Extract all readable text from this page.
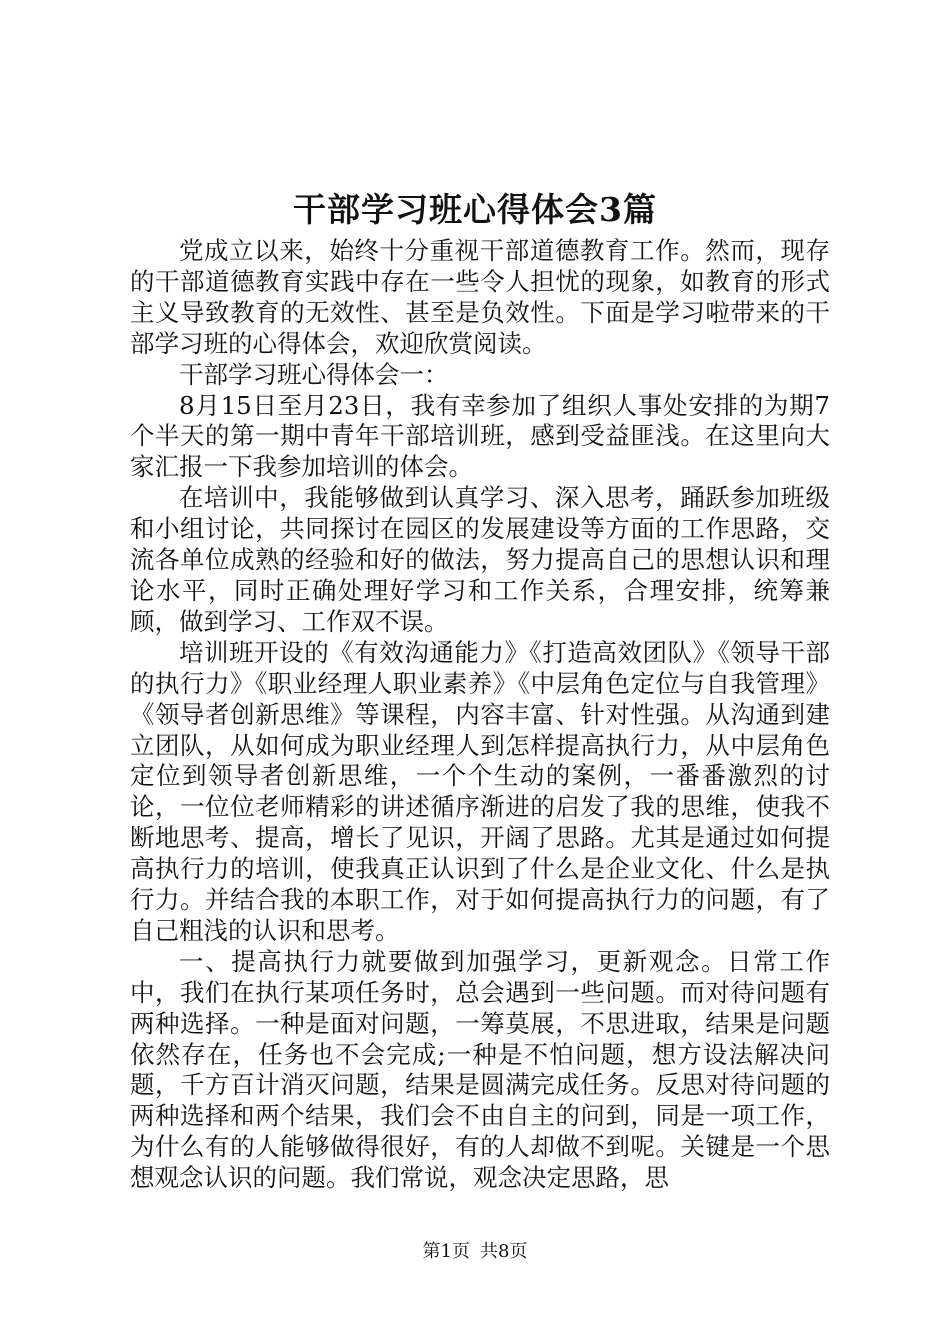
干部学习班心得体会3篇

党成立以来，始终十分重视干部道德教育工作。然而，现存的干部道德教育实践中存在一些令人担忧的现象，如教育的形式主义导致教育的无效性、甚至是负效性。下面是学习啦带来的干部学习班的心得体会，欢迎欣赏阅读。

干部学习班心得体会一：

8月15日至月23日，我有幸参加了组织人事处安排的为期7个半天的第一期中青年干部培训班，感到受益匪浅。在这里向大家汇报一下我参加培训的体会。

在培训中，我能够做到认真学习、深入思考，踊跃参加班级和小组讨论，共同探讨在园区的发展建设等方面的工作思路，交流各单位成熟的经验和好的做法，努力提高自己的思想认识和理论水平，同时正确处理好学习和工作关系，合理安排，统筹兼顾，做到学习、工作双不误。

培训班开设的《有效沟通能力》《打造高效团队》《领导干部的执行力》《职业经理人职业素养》《中层角色定位与自我管理》《领导者创新思维》等课程，内容丰富、针对性强。从沟通到建立团队，从如何成为职业经理人到怎样提高执行力，从中层角色定位到领导者创新思维，一个个生动的案例，一番番激烈的讨论，一位位老师精彩的讲述循序渐进的启发了我的思维，使我不断地思考、提高，增长了见识，开阔了思路。尤其是通过如何提高执行力的培训，使我真正认识到了什么是企业文化、什么是执行力。并结合我的本职工作，对于如何提高执行力的问题，有了自己粗浅的认识和思考。

一、提高执行力就要做到加强学习，更新观念。日常工作中，我们在执行某项任务时，总会遇到一些问题。而对待问题有两种选择。一种是面对问题，一筹莫展，不思进取，结果是问题依然存在，任务也不会完成;一种是不怕问题，想方设法解决问题，千方百计消灭问题，结果是圆满完成任务。反思对待问题的两种选择和两个结果，我们会不由自主的问到，同是一项工作，为什么有的人能够做得很好，有的人却做不到呢。关键是一个思想观念认识的问题。我们常说，观念决定思路，思

第1页 共8页
